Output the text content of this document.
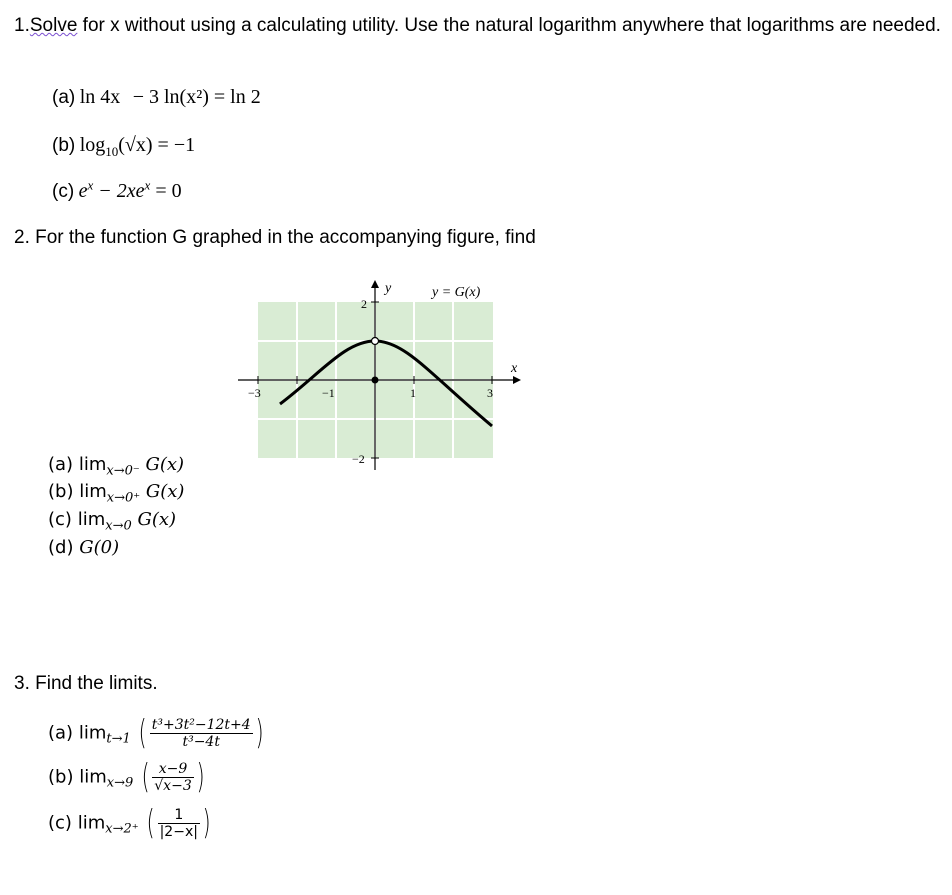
1.Solve for x without using a calculating utility. Use the natural logarithm anywhere that logarithms are needed.
(a) ln 4x − 3 ln(x²) = ln 2
(b) $\log_{10}(√x) = -1$
(c) $e^x - 2xe^x = 0$
2. For the function G graphed in the accompanying figure, find
−3	−1	1	3
2
−2
y
x
y = G(x)
(a) $\lim_{x\to 0^-} G(x)$
(b) $\lim_{x\to 0^+} G(x)$
(c) $\lim_{x\to 0} G(x)$
(d) G(0)
3. Find the limits.
(a) $\lim_{t\to 1}$ ( $\frac{\text{t³+3t²−12t+4}}{\text{t³−4t}}$ )
(b) $\lim_{x\to 9}$ ( $\frac{x-9}{√x-3}$ )
(c) $\lim_{x\to 2^+}$ ( $\frac{1}{|2-x|}$ )
